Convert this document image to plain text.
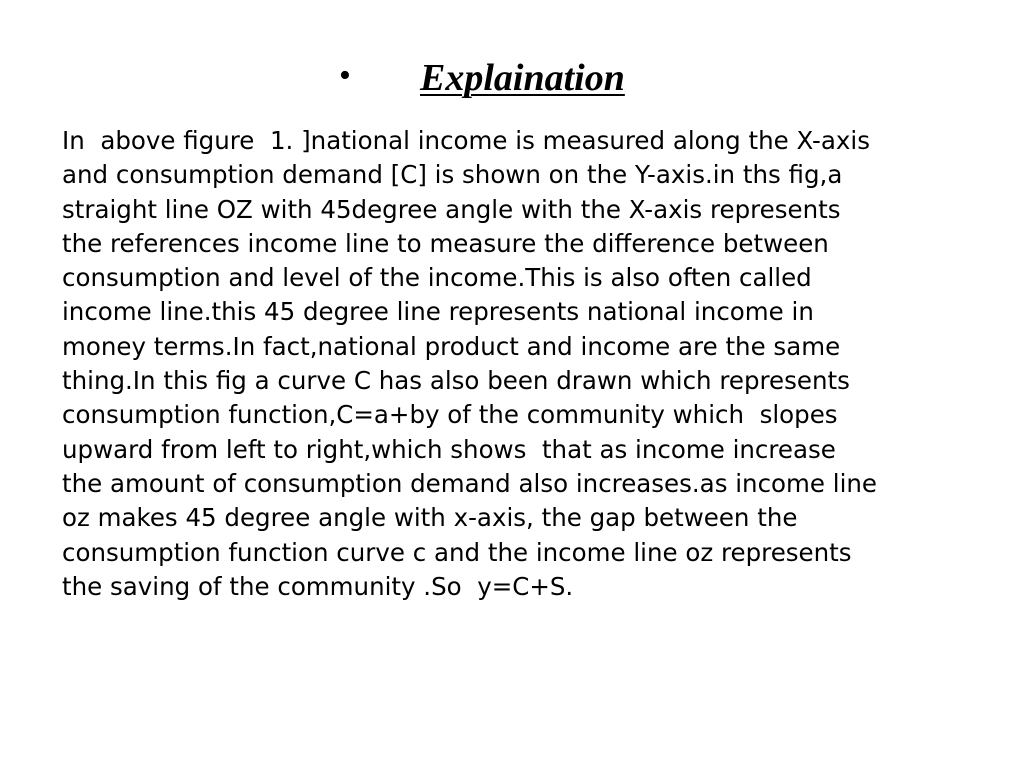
• Explaination
In  above figure  1. ]national income is measured along the X-axis
and consumption demand [C] is shown on the Y-axis.in ths fig,a
straight line OZ with 45degree angle with the X-axis represents
the references income line to measure the difference between
consumption and level of the income.This is also often called
income line.this 45 degree line represents national income in
money terms.In fact,national product and income are the same
thing.In this fig a curve C has also been drawn which represents
consumption function,C=a+by of the community which  slopes
upward from left to right,which shows  that as income increase
the amount of consumption demand also increases.as income line
oz makes 45 degree angle with x-axis, the gap between the
consumption function curve c and the income line oz represents
the saving of the community .So  y=C+S.
